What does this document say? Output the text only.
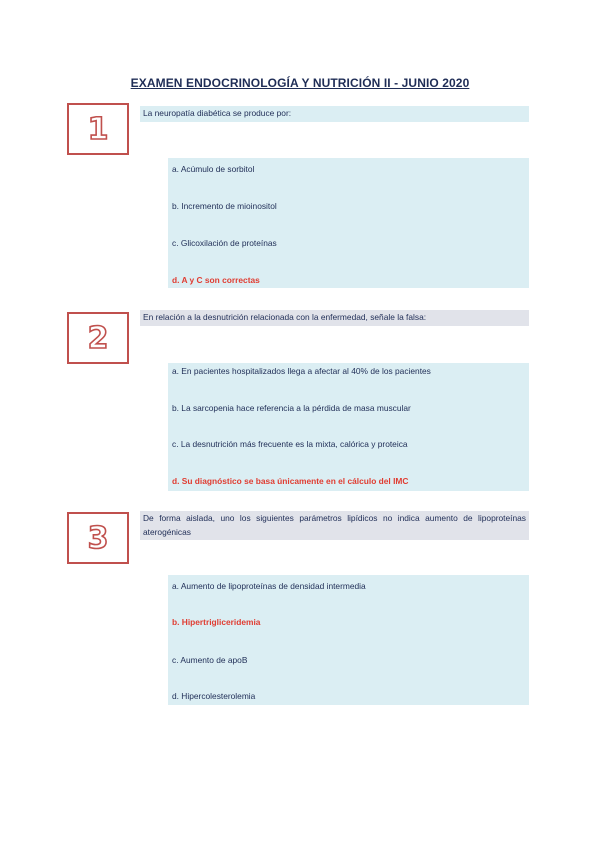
EXAMEN ENDOCRINOLOGÍA Y NUTRICIÓN II - JUNIO 2020
1	La neuropatía diabética se produce por:
a. Acúmulo de sorbitol
b. Incremento de mioinositol
c. Glicoxilación de proteínas
d. A y C son correctas
2
En relación a la desnutrición relacionada con la enfermedad, señale la falsa:
a. En pacientes hospitalizados llega a afectar al 40% de los pacientes
b. La sarcopenia hace referencia a la pérdida de masa muscular
c. La desnutrición más frecuente es la mixta, calórica y proteica
d. Su diagnóstico se basa únicamente en el cálculo del IMC
3
De forma aislada, uno los siguientes parámetros lipídicos no indica aumento de lipoproteínas aterogénicas
a. Aumento de lipoproteínas de densidad intermedia
b. Hipertrigliceridemia
c. Aumento de apoB
d. Hipercolesterolemia
